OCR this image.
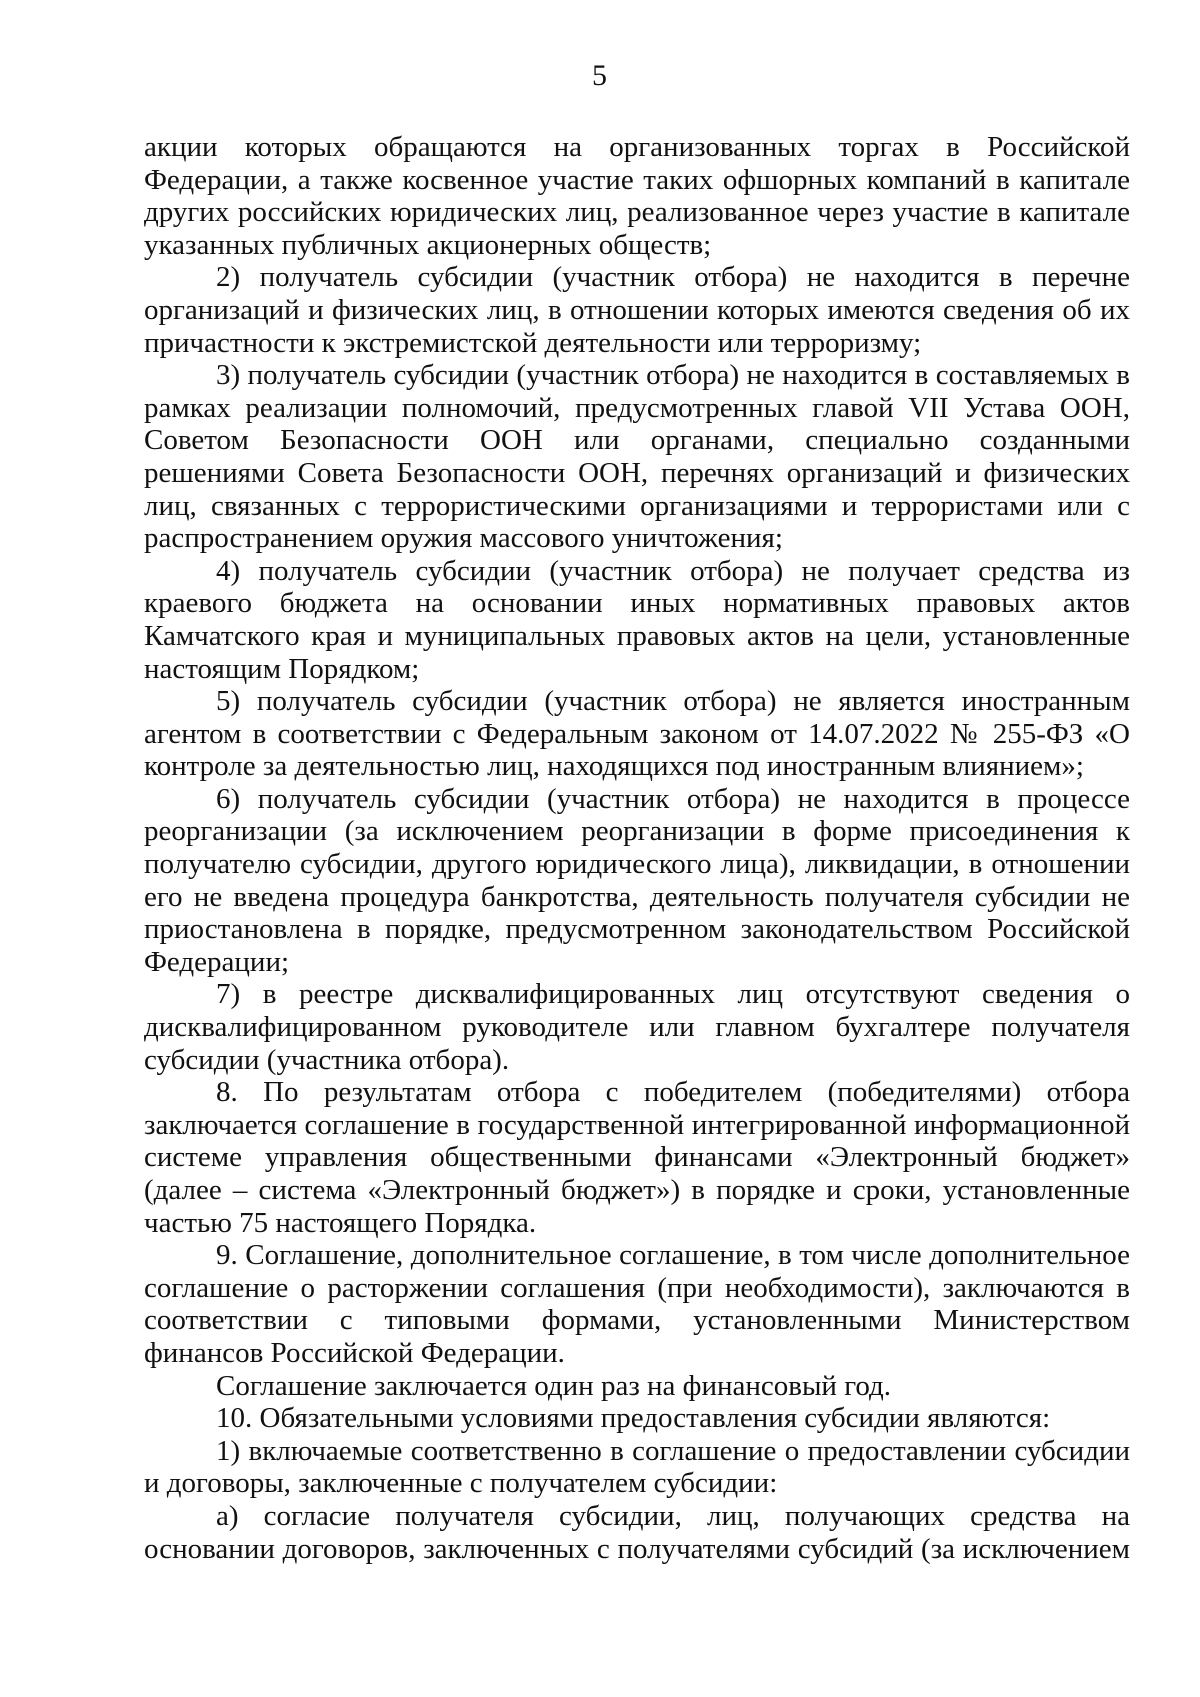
5

акции которых обращаются на организованных торгах в Российской Федерации, а также косвенное участие таких офшорных компаний в капитале других российских юридических лиц, реализованное через участие в капитале указанных публичных акционерных обществ;

2) получатель субсидии (участник отбора) не находится в перечне организаций и физических лиц, в отношении которых имеются сведения об их причастности к экстремистской деятельности или терроризму;

3) получатель субсидии (участник отбора) не находится в составляемых в рамках реализации полномочий, предусмотренных главой VII Устава ООН, Советом Безопасности ООН или органами, специально созданными решениями Совета Безопасности ООН, перечнях организаций и физических лиц, связанных с террористическими организациями и террористами или с распространением оружия массового уничтожения;

4) получатель субсидии (участник отбора) не получает средства из краевого бюджета на основании иных нормативных правовых актов Камчатского края и муниципальных правовых актов на цели, установленные настоящим Порядком;

5) получатель субсидии (участник отбора) не является иностранным агентом в соответствии с Федеральным законом от 14.07.2022 № 255-ФЗ «О контроле за деятельностью лиц, находящихся под иностранным влиянием»;

6) получатель субсидии (участник отбора) не находится в процессе реорганизации (за исключением реорганизации в форме присоединения к получателю субсидии, другого юридического лица), ликвидации, в отношении его не введена процедура банкротства, деятельность получателя субсидии не приостановлена в порядке, предусмотренном законодательством Российской Федерации;

7) в реестре дисквалифицированных лиц отсутствуют сведения о дисквалифицированном руководителе или главном бухгалтере получателя субсидии (участника отбора).

8. По результатам отбора с победителем (победителями) отбора заключается соглашение в государственной интегрированной информационной системе управления общественными финансами «Электронный бюджет» (далее – система «Электронный бюджет») в порядке и сроки, установленные частью 75 настоящего Порядка.

9. Соглашение, дополнительное соглашение, в том числе дополнительное соглашение о расторжении соглашения (при необходимости), заключаются в соответствии с типовыми формами, установленными Министерством финансов Российской Федерации.

Соглашение заключается один раз на финансовый год.

10. Обязательными условиями предоставления субсидии являются:

1) включаемые соответственно в соглашение о предоставлении субсидии и договоры, заключенные с получателем субсидии:

а) согласие получателя субсидии, лиц, получающих средства на основании договоров, заключенных с получателями субсидий (за исключением
